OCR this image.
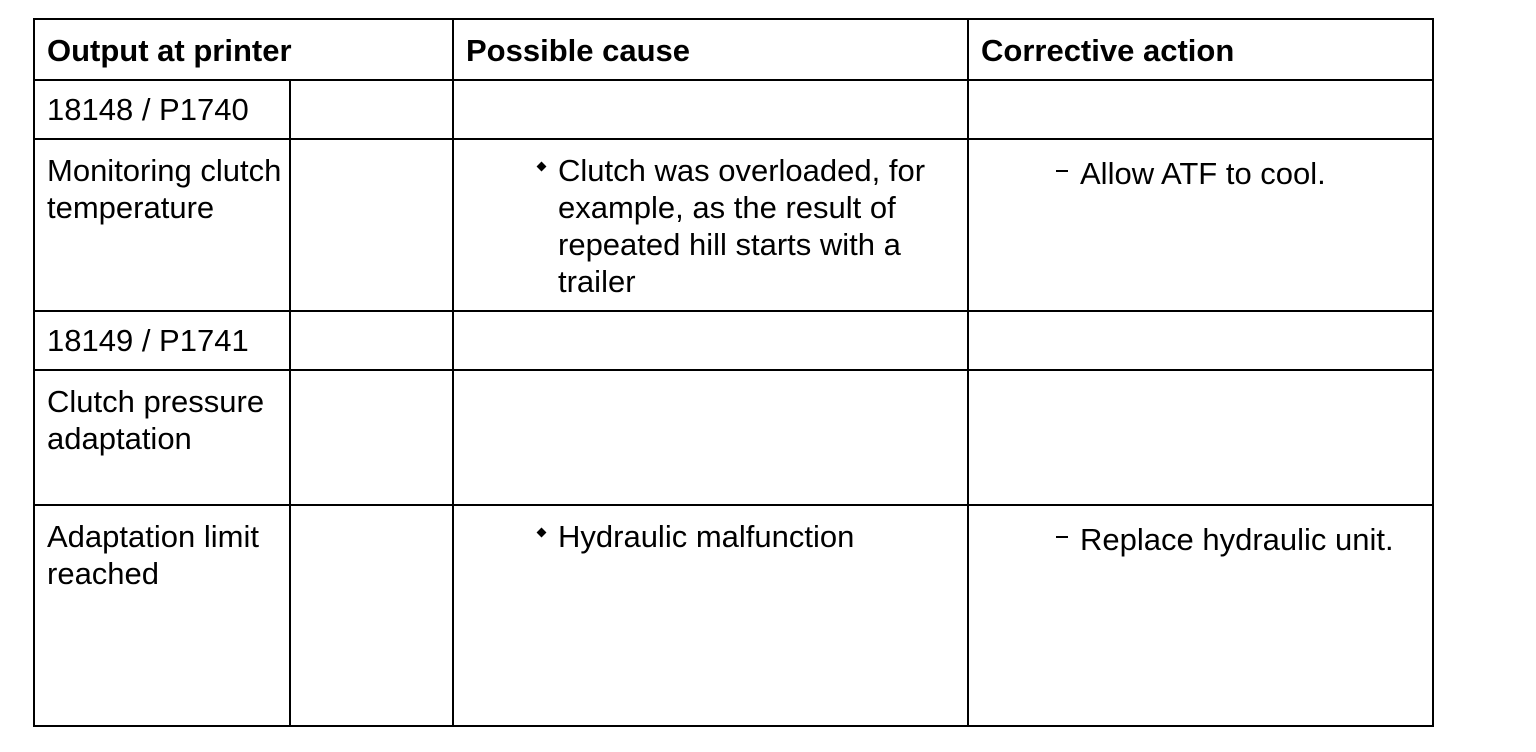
Output at printer		Possible cause	Corrective action
18148 / P1740			
Monitoring clutch temperature		Clutch was overloaded, for example, as the result of repeated hill starts with a trailer	Allow ATF to cool.

18149 / P1741			
Clutch pressure adaptation			
Adaptation limit reached		Hydraulic malfunction	Replace hydraulic unit.
